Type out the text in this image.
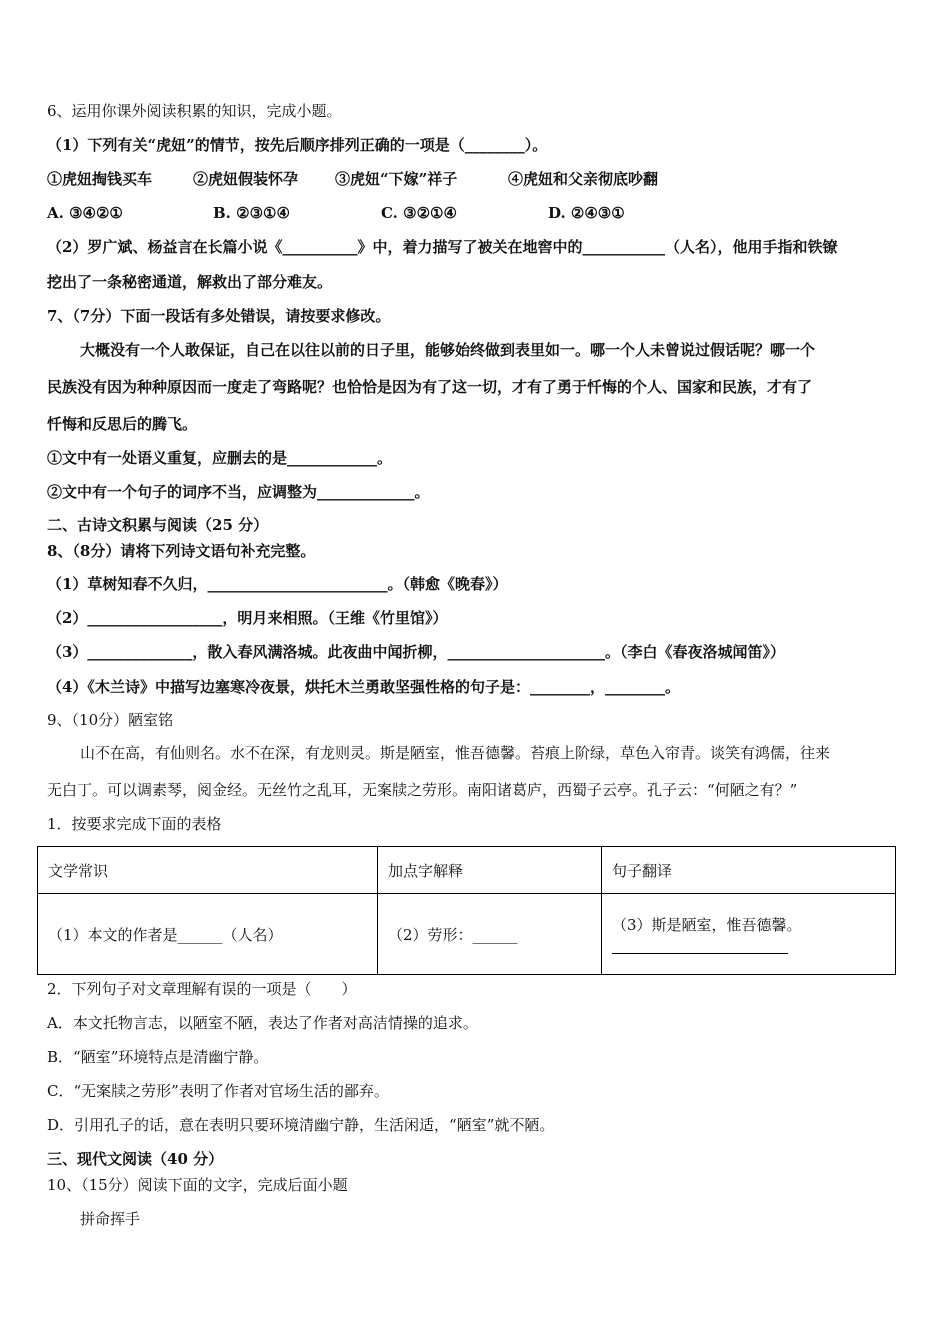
6、运用你课外阅读积累的知识，完成小题。
（1）下列有关“虎妞”的情节，按先后顺序排列正确的一项是（________）。
①虎妞掏钱买车	②虎妞假装怀孕 ③虎妞“下嫁”祥子	④虎妞和父亲彻底吵翻
A. ③④②①	B. ②③①④	C. ③②①④	D. ②④③①
（2）罗广斌、杨益言在长篇小说《__________》中，着力描写了被关在地窖中的___________（人名），他用手指和铁镣
挖出了一条秘密通道，解救出了部分难友。
7、（7分）下面一段话有多处错误，请按要求修改。
大概没有一个人敢保证，自己在以往以前的日子里，能够始终做到表里如一。哪一个人未曾说过假话呢？哪一个
民族没有因为种种原因而一度走了弯路呢？也恰恰是因为有了这一切，才有了勇于忏悔的个人、国家和民族，才有了
忏悔和反思后的腾飞。
①文中有一处语义重复，应删去的是____________。
②文中有一个句子的词序不当，应调整为_____________。
二、古诗文积累与阅读（25 分）
8、（8分）请将下列诗文语句补充完整。
（1）草树知春不久归，________________________。（韩愈《晚春》）
（2）__________________，明月来相照。（王维《竹里馆》）
（3）______________，散入春风满洛城。此夜曲中闻折柳，_____________________。（李白《春夜洛城闻笛》）
（4）《木兰诗》中描写边塞寒冷夜景，烘托木兰勇敢坚强性格的句子是：________，________。
9、（10分）陋室铭
山不在高，有仙则名。水不在深，有龙则灵。斯是陋室，惟吾德馨。苔痕上阶绿，草色入帘青。谈笑有鸿儒，往来
无白丁。可以调素琴，阅金经。无丝竹之乱耳，无案牍之劳形。南阳诸葛庐，西蜀子云亭。孔子云：“何陋之有？”
1．按要求完成下面的表格
文学常识	加点字解释	句子翻译
（1）本文的作者是______（人名）	（2）劳形：______	（3）斯是陋室，惟吾德馨。
2．下列句子对文章理解有误的一项是（　　）
A．本文托物言志，以陋室不陋，表达了作者对高洁情操的追求。
B．“陋室”环境特点是清幽宁静。
C．“无案牍之劳形”表明了作者对官场生活的鄙弃。
D．引用孔子的话，意在表明只要环境清幽宁静，生活闲适，“陋室”就不陋。
三、现代文阅读（40 分）
10、（15分）阅读下面的文字，完成后面小题
拼命挥手
